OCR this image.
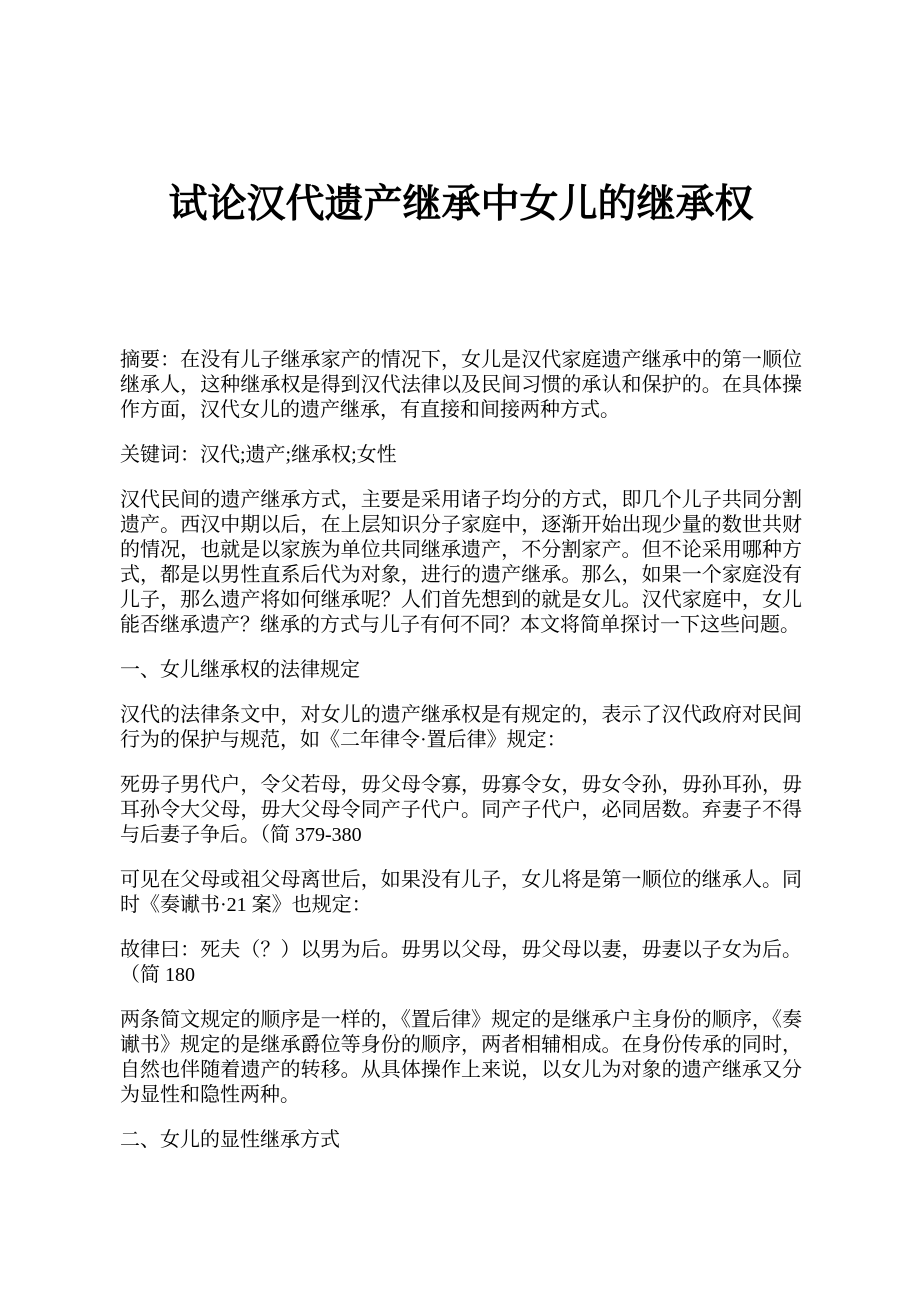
试论汉代遗产继承中女儿的继承权

摘要：在没有儿子继承家产的情况下，女儿是汉代家庭遗产继承中的第一顺位继承人，这种继承权是得到汉代法律以及民间习惯的承认和保护的。在具体操作方面，汉代女儿的遗产继承，有直接和间接两种方式。

关键词：汉代;遗产;继承权;女性

汉代民间的遗产继承方式，主要是采用诸子均分的方式，即几个儿子共同分割遗产。西汉中期以后，在上层知识分子家庭中，逐渐开始出现少量的数世共财的情况，也就是以家族为单位共同继承遗产，不分割家产。但不论采用哪种方式，都是以男性直系后代为对象，进行的遗产继承。那么，如果一个家庭没有儿子，那么遗产将如何继承呢？人们首先想到的就是女儿。汉代家庭中，女儿能否继承遗产？继承的方式与儿子有何不同？本文将简单探讨一下这些问题。

一、女儿继承权的法律规定

汉代的法律条文中，对女儿的遗产继承权是有规定的，表示了汉代政府对民间行为的保护与规范，如《二年律令·置后律》规定：

死毋子男代户，令父若母，毋父母令寡，毋寡令女，毋女令孙，毋孙耳孙，毋耳孙令大父母，毋大父母令同产子代户。同产子代户，必同居数。弃妻子不得与后妻子争后。（简 379-380

可见在父母或祖父母离世后，如果没有儿子，女儿将是第一顺位的继承人。同时《奏谳书·21 案》也规定：

故律曰：死夫（？）以男为后。毋男以父母，毋父母以妻，毋妻以子女为后。（简 180

两条简文规定的顺序是一样的，《置后律》规定的是继承户主身份的顺序，《奏谳书》规定的是继承爵位等身份的顺序，两者相辅相成。在身份传承的同时，自然也伴随着遗产的转移。从具体操作上来说，以女儿为对象的遗产继承又分为显性和隐性两种。

二、女儿的显性继承方式
